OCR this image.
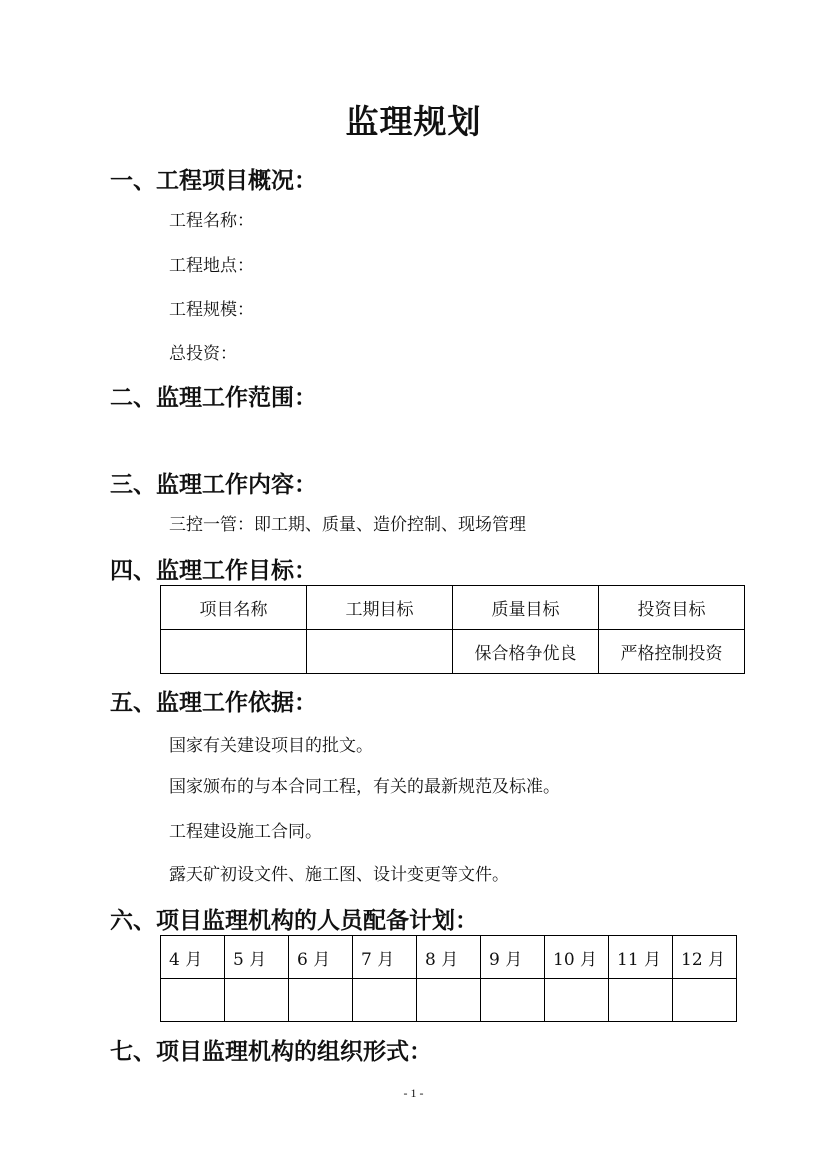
监理规划
一、工程项目概况：
工程名称：
工程地点：
工程规模：
总投资：
二、监理工作范围：
三、监理工作内容：
三控一管：即工期、质量、造价控制、现场管理
四、监理工作目标：
项目名称	工期目标	质量目标	投资目标
		保合格争优良	严格控制投资
五、监理工作依据：
国家有关建设项目的批文。
国家颁布的与本合同工程，有关的最新规范及标准。
工程建设施工合同。
露天矿初设文件、施工图、设计变更等文件。
六、项目监理机构的人员配备计划：
4 月	5 月	6 月	7 月	8 月	9 月	10 月	11 月	12 月

七、项目监理机构的组织形式：
- 1 -
